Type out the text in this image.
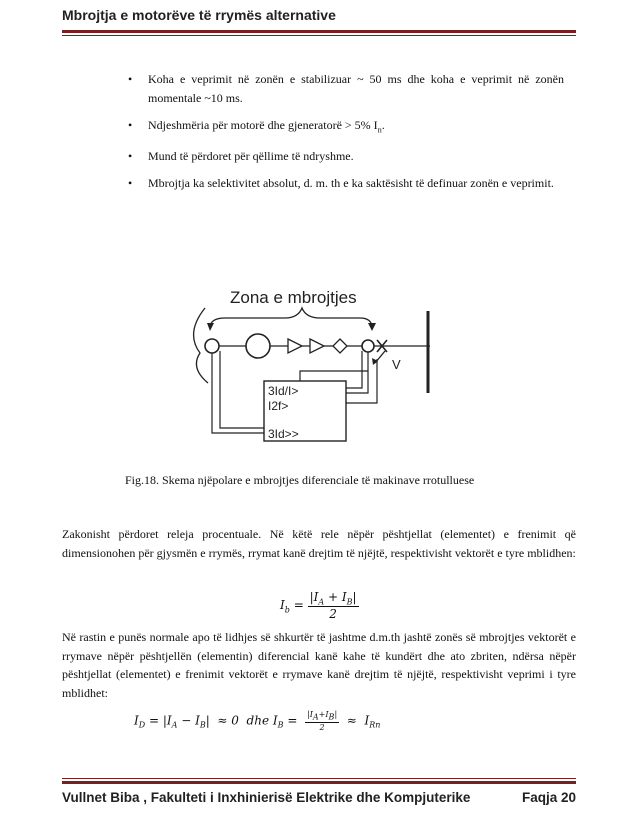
Mbrojtja e motorëve të rrymës alternative
• Koha e veprimit në zonën e stabilizuar ~ 50 ms dhe koha e veprimit në zonën momentale ~10 ms.
• Ndjeshmëria për motorë dhe gjeneratorë > 5% $I_n$.
• Mund të përdoret për qëllime të ndryshme.
• Mbrojtja ka selektivitet absolut, d. m. th e ka saktësisht të definuar zonën e veprimit.
Zona e mbrojtjes
V
3Id/I>
I2f>
3Id>>
Fig.18. Skema njëpolare e mbrojtjes diferenciale të makinave rrotulluese

Zakonisht përdoret releja procentuale. Në këtë rele nëpër pështjellat (elementet) e frenimit që dimensionohen për gjysmën e rrymës, rrymat kanë drejtim të njëjtë, respektivisht vektorët e tyre mblidhen:

$I_b = \frac{|I_A + I_B|}{2}$

Në rastin e punës normale apo të lidhjes së shkurtër të jashtme d.m.th jashtë zonës së mbrojtjes vektorët e rrymave nëpër pështjellën (elementin) diferencial kanë kahe të kundërt dhe ato zbriten, ndërsa nëpër pështjellat (elementet) e frenimit vektorët e rrymave kanë drejtim të njëjtë, respektivisht veprimi i tyre mblidhet:

$I_D = |I_A - I_B| \approx 0$  dhe $I_B = \frac{|I_A+I_B|}{2} \approx I_{Rn}$
Vullnet Biba , Fakulteti i Inxhinierisë Elektrike dhe Kompjuterike	Faqja 20
